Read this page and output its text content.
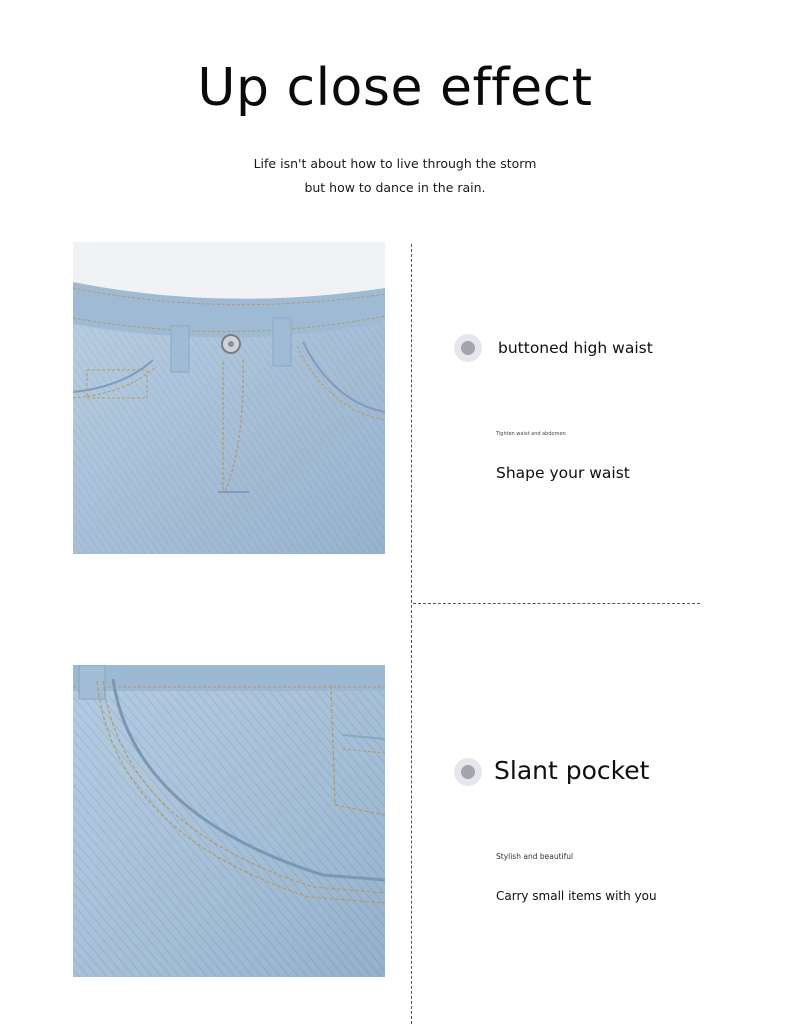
Up close effect

Life isn't about how to live through the storm

but how to dance in the rain.

buttoned high waist

Tighten waist and abdomen

Shape your waist

Slant pocket

Stylish and beautiful

Carry small items with you
